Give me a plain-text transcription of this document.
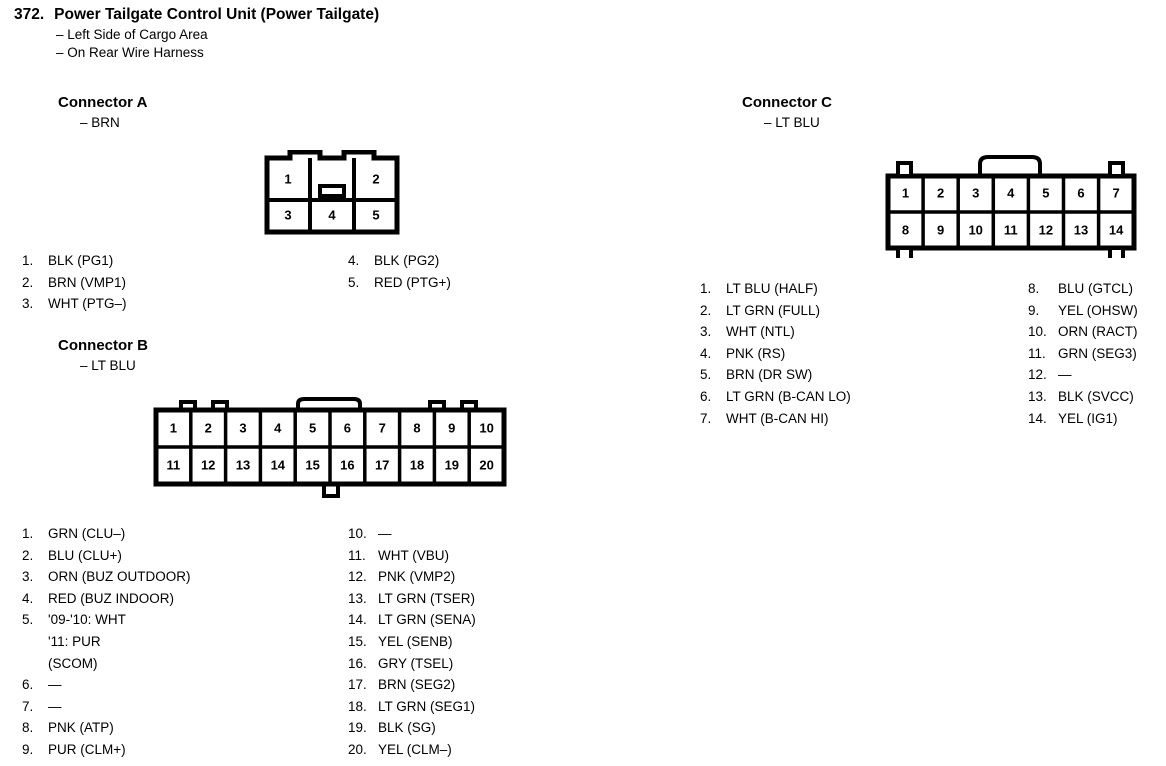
372. Power Tailgate Control Unit (Power Tailgate)
– Left Side of Cargo Area
– On Rear Wire Harness
Connector A
– BRN
1	2
3	4	5
1.	BLK (PG1)
2.	BRN (VMP1)
3.	WHT (PTG–)
4.	BLK (PG2)
5.	RED (PTG+)
Connector B
– LT BLU
1 2 3 4 5 6 7 8 9 10
11 12 13 14 15 16 17 18 19 20
1.	GRN (CLU–)
2.	BLU (CLU+)
3.	ORN (BUZ OUTDOOR)
4.	RED (BUZ INDOOR)
5.	'09-'10: WHT
'11: PUR
(SCOM)
6.	—
7.	—
8.	PNK (ATP)
9.	PUR (CLM+)
10. —
11. WHT (VBU)
12. PNK (VMP2)
13. LT GRN (TSER)
14. LT GRN (SENA)
15. YEL (SENB)
16. GRY (TSEL)
17. BRN (SEG2)
18. LT GRN (SEG1)
19. BLK (SG)
20. YEL (CLM–)
Connector C
– LT BLU
1 2 3 4 5 6 7
8 9 10 11 12 13 14
1.	LT BLU (HALF)
2.	LT GRN (FULL)
3.	WHT (NTL)
4.	PNK (RS)
5.	BRN (DR SW)
6.	LT GRN (B-CAN LO)
7.	WHT (B-CAN HI)
8.	BLU (GTCL)
9.	YEL (OHSW)
10. ORN (RACT)
11. GRN (SEG3)
12. —
13. BLK (SVCC)
14. YEL (IG1)
